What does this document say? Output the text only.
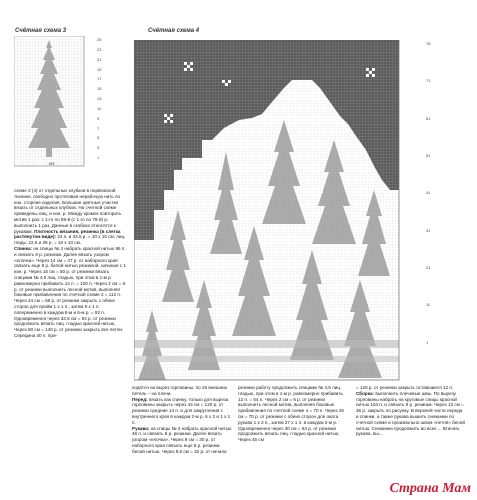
Счётная схема 3
М6
25
23
21
19
17
15
13
11
9
7
5
3
1
Счётная схема 4
78
71
61
51
41
31
21
11
1
схеме 2 (4) от отдельных клубков в норвежской технике, свободно протягивая нерабочую нить по изн. стороне изделия. Большие цветные участки вязать от отдельных клубков. На счетной схеме приведены лиц. и изн. р. Между кромок повторить мотив 1 раз: с 1-го по 88-й (с 1-го по 78-й) р. выполнить 1 раз. Данные в скобках относятся к рукавам. Плотность вязания, резинка (в слегка растянутом виде): 24 п. и 33,5 р. = 10 х 10 см; лиц. гладь: 22,5 и 28 р. = 10 х 10 см.
Спинка: на спицы № 4 набрать красной нитью 86 п. и связать 8 р. резинки. Далее вязать узором «елочка». Через 14 см = 47 р. от наборного края связать еще 8 р. белой нитью резинкой, начиная с 1 изн. р. Через 15 см = 50 р. от резинки вязать спицами № 4,5 лиц. гладью, при этом в 1-м р. равномерно прибавить 14 п. = 100 п. Через 2 см = 6 р. от резинки выполнить лесной мотив, выполняя боковые прибавления по счетной схеме 2 = 112 п. Через 24 см = 68 р. от резинки закрыть с обеих сторон для пройм 1 х 1 п., затем 9 х 1 п. попеременно в каждом 8-м и 6-м р. = 92 п. Одновременно через 33,5 см = 94 р. от резинки продолжить вязать лиц. гладью красной нитью. Через 50 см = 140 р. от резинки закрыть все петли. Середина 40 п. при-
ходятся на вырез горловины, по 26 внешних петель – на плечи.
Перед: вязать как спинку, только для выреза горловины закрыть через 43 см = 120 р. от резинки средние 14 п. и для закругления с внутреннего края в каждом 2-м р. 6 х 2 и 1 х 1 п.
Рукава: на спицы № 4 набрать красной нитью 48 п. и связать 8 р. резинки. Далее вязать узором «елочка». Через 9 см = 30 р. от наборного края связать еще 8 р. резинки белой нитью. Через 9,5 см = 32 р. от начала
резинки работу продолжить спицами № 4,5 лиц. гладью, при этом в 1-м р. равномерно прибавить 12 п. = 54 п. Через 2 см = 6 р. от резинки выполнить лесной мотив, выполняя боковые прибавления по счетной схеме 4 = 70 п. Через 25 см = 70 р. от резинки с обеих сторон для оката рукава 1 х 2 п., затем 27 х 1 п. в каждом 2-м р. Одновременно через 30 см = 84 р. от резинки продолжить вязать лиц. гладью красной нитью. Через 45 см
= 126 р. от резинки закрыть оставшиеся 12 п.
Сборка: выполнить плечевые швы. По вырезу горловины набрать на круговые спицы красной нитью 104 п. и связать 8 р. резинки. Через 13 см = 36 р. закрыть по рисунку. В верхней части переда и спинки, а также рукава вышить снежинки по счетной схеме и произвольно швом «петля» белой нитью. Снежинки продолжить во всех ... Втачать рукава, вы...
Страна Мам
